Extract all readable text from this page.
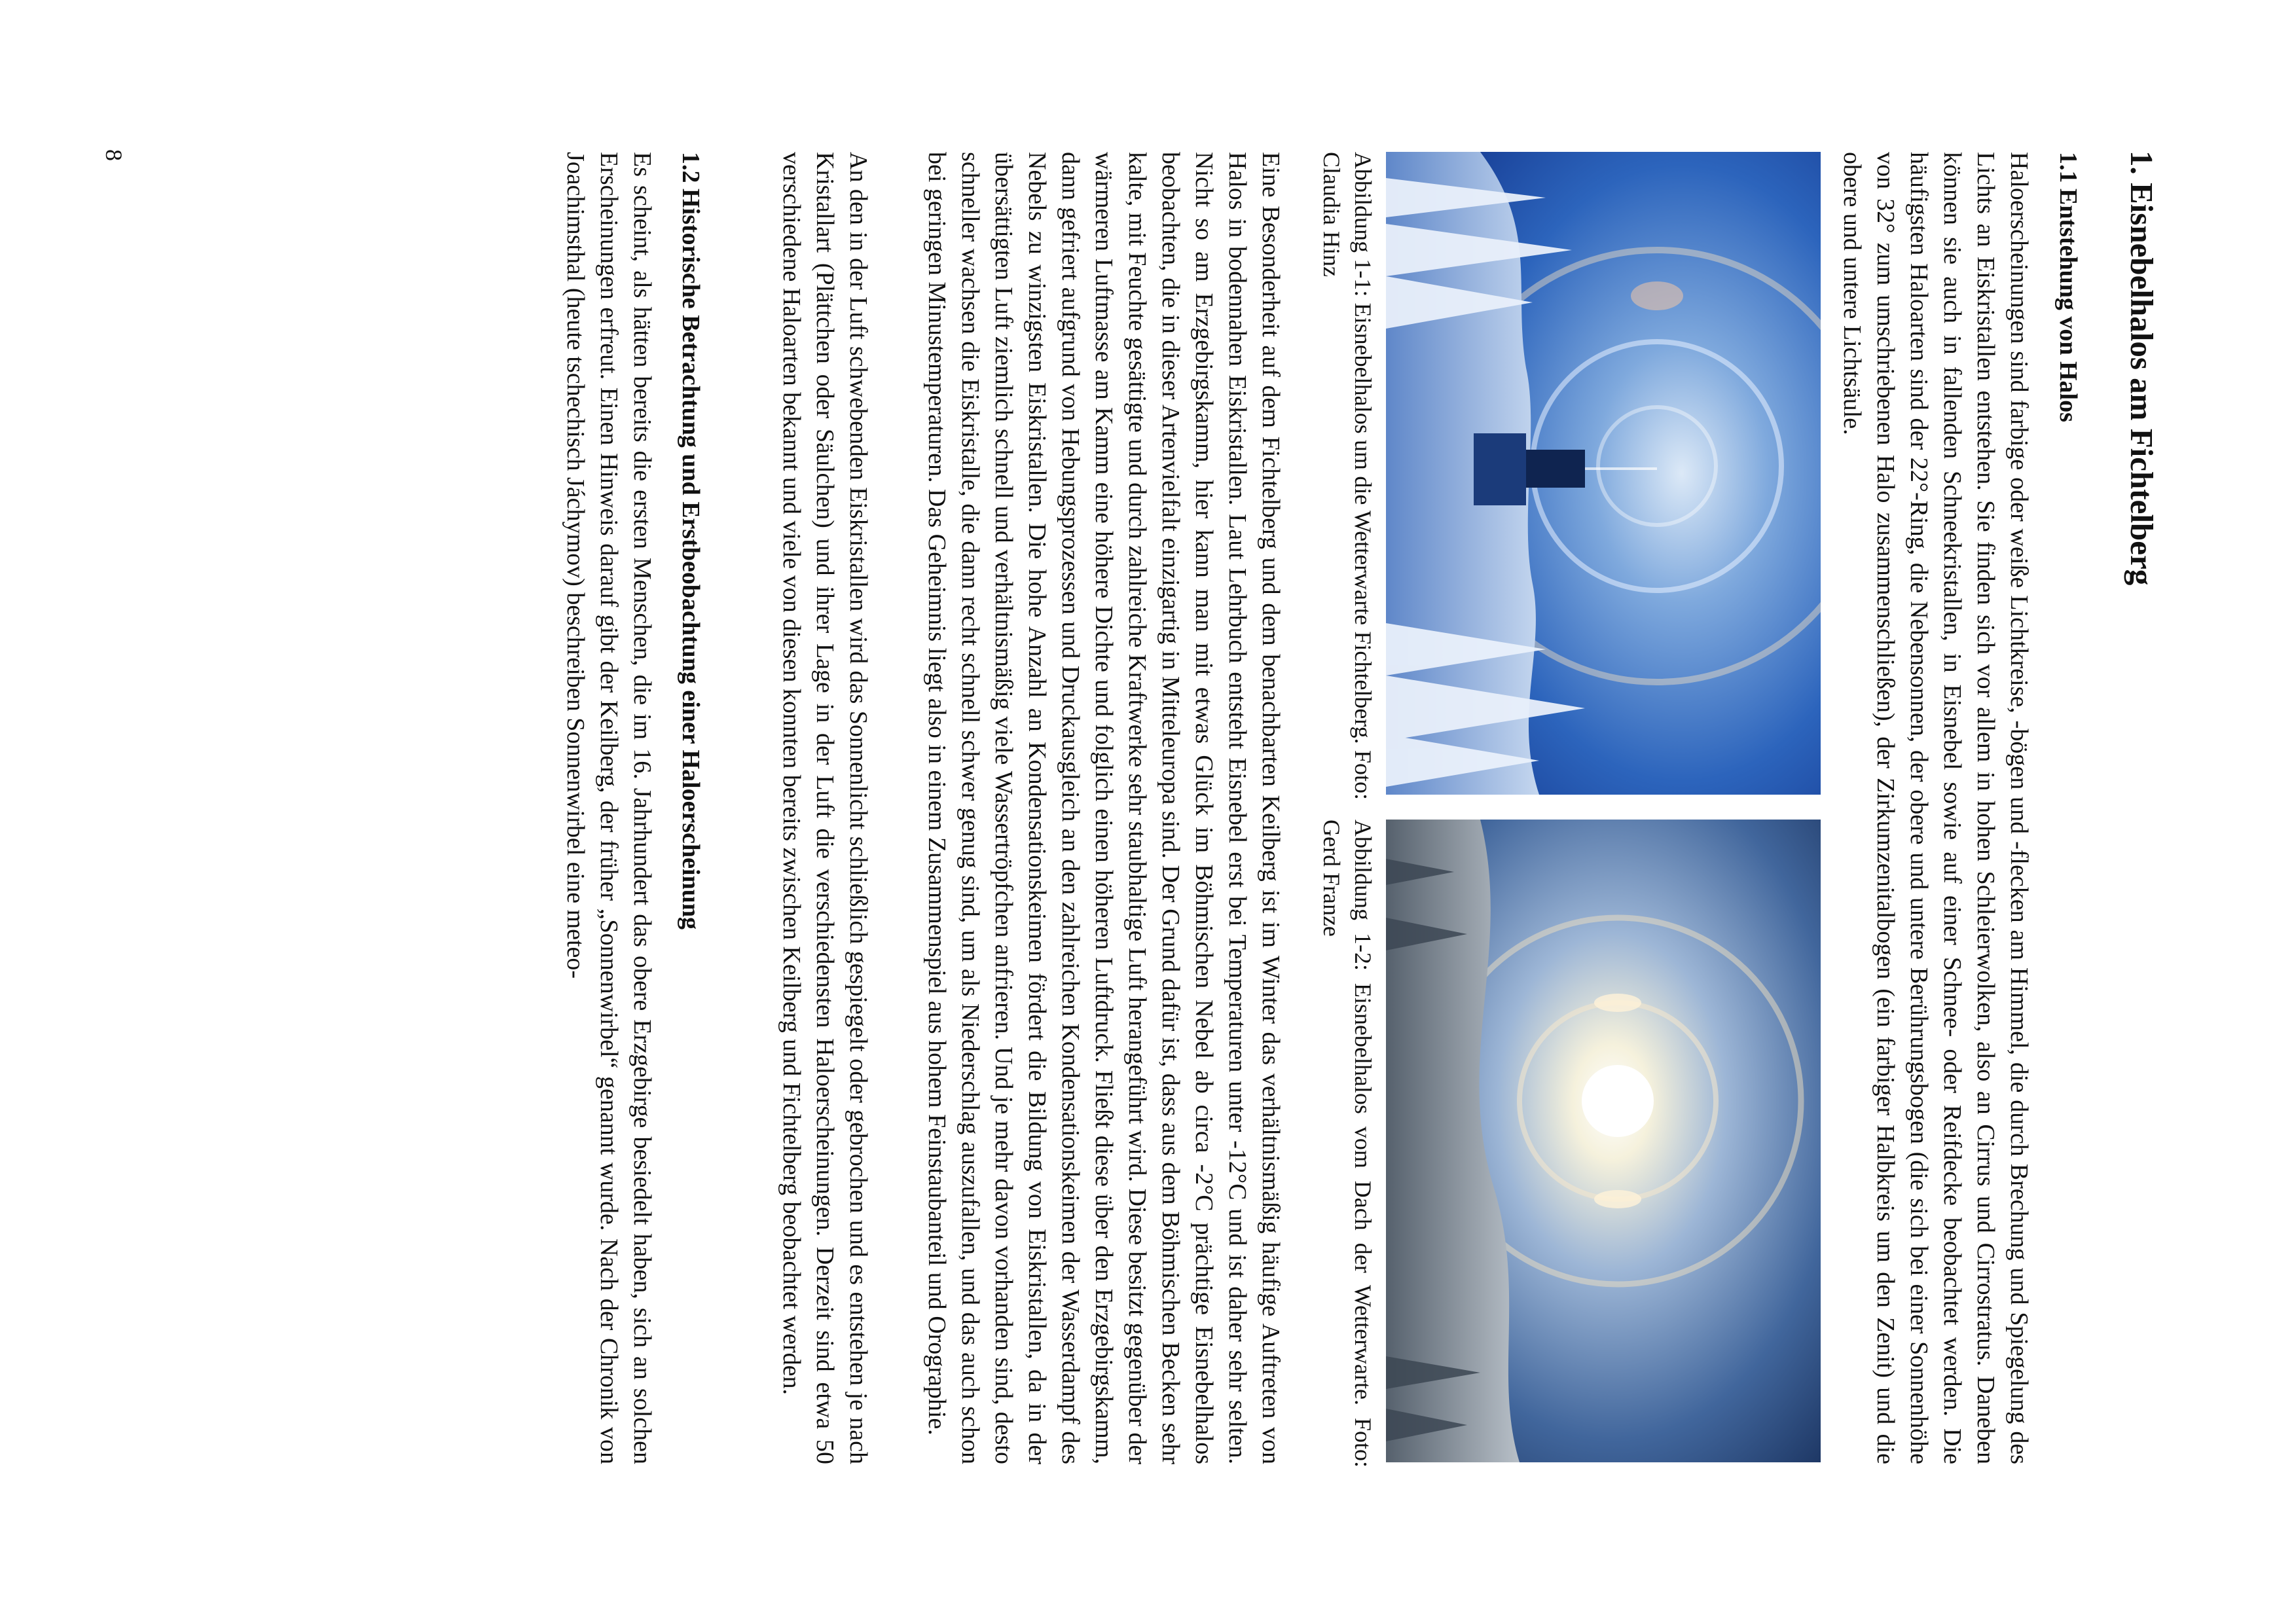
1. Eisnebelhalos am Fichtelberg
1.1Entstehung von Halos

Haloerscheinungen sind farbige oder weiße Lichtkreise, -bögen und -flecken am Himmel, die durch Brechung und Spiegelung des Lichts an Eiskristallen entstehen. Sie finden sich vor allem in hohen Schleierwolken, also an Cirrus und Cirrostratus. Daneben können sie auch in fallenden Schneekristallen, in Eisnebel sowie auf einer Schnee- oder Reifdecke beobachtet werden. Die häufigsten Haloarten sind der 22°-Ring, die Nebensonnen, der obere und untere Berührungsbogen (die sich bei einer Sonnenhöhe von 32° zum umschriebenen Halo zusammenschließen), der Zirkumzenitalbogen (ein farbiger Halbkreis um den Zenit) und die obere und untere Lichtsäule.

Abbildung 1-1: Eisnebelhalos um die Wetterwarte Fichtelberg. Foto: Claudia Hinz
Abbildung 1-2: Eisnebelhalos vom Dach der Wetterwarte. Foto: Gerd Franze

Eine Besonderheit auf dem Fichtelberg und dem benachbarten Keilberg ist im Winter das verhältnismäßig häufige Auftreten von Halos in bodennahen Eiskristallen. Laut Lehrbuch entsteht Eisnebel erst bei Temperaturen unter -12°C und ist daher sehr selten. Nicht so am Erzgebirgskamm, hier kann man mit etwas Glück im Böhmischen Nebel ab circa -2°C prächtige Eisnebelhalos beobachten, die in dieser Artenvielfalt einzigartig in Mitteleuropa sind. Der Grund dafür ist, dass aus dem Böhmischen Becken sehr kalte, mit Feuchte gesättigte und durch zahlreiche Kraftwerke sehr staubhaltige Luft herangeführt wird. Diese besitzt gegenüber der wärmeren Luftmasse am Kamm eine höhere Dichte und folglich einen höheren Luftdruck. Fließt diese über den Erzgebirgskamm, dann gefriert aufgrund von Hebungsprozessen und Druckausgleich an den zahlreichen Kondensationskeimen der Wasserdampf des Nebels zu winzigsten Eiskristallen. Die hohe Anzahl an Kondensationskeimen fördert die Bildung von Eiskristallen, da in der übersättigten Luft ziemlich schnell und verhältnismäßig viele Wassertröpfchen anfrieren. Und je mehr davon vorhanden sind, desto schneller wachsen die Eiskristalle, die dann recht schnell schwer genug sind, um als Niederschlag auszufallen, und das auch schon bei geringen Minustemperaturen. Das Geheimnis liegt also in einem Zusammenspiel aus hohem Feinstaubanteil und Orographie.

An den in der Luft schwebenden Eiskristallen wird das Sonnenlicht schließlich gespiegelt oder gebrochen und es entstehen je nach Kristallart (Plättchen oder Säulchen) und ihrer Lage in der Luft die verschiedensten Haloerscheinungen. Derzeit sind etwa 50 verschiedene Haloarten bekannt und viele von diesen konnten bereits zwischen Keilberg und Fichtelberg beobachtet werden.

1.2Historische Betrachtung und Erstbeobachtung einer Haloerscheinung

Es scheint, als hätten bereits die ersten Menschen, die im 16. Jahrhundert das obere Erzgebirge besiedelt haben, sich an solchen Erscheinungen erfreut. Einen Hinweis darauf gibt der Keilberg, der früher „Sonnenwirbel“ genannt wurde. Nach der Chronik von Joachimsthal (heute tschechisch Jáchymov) beschreiben Sonnenwirbel eine meteo-

8
